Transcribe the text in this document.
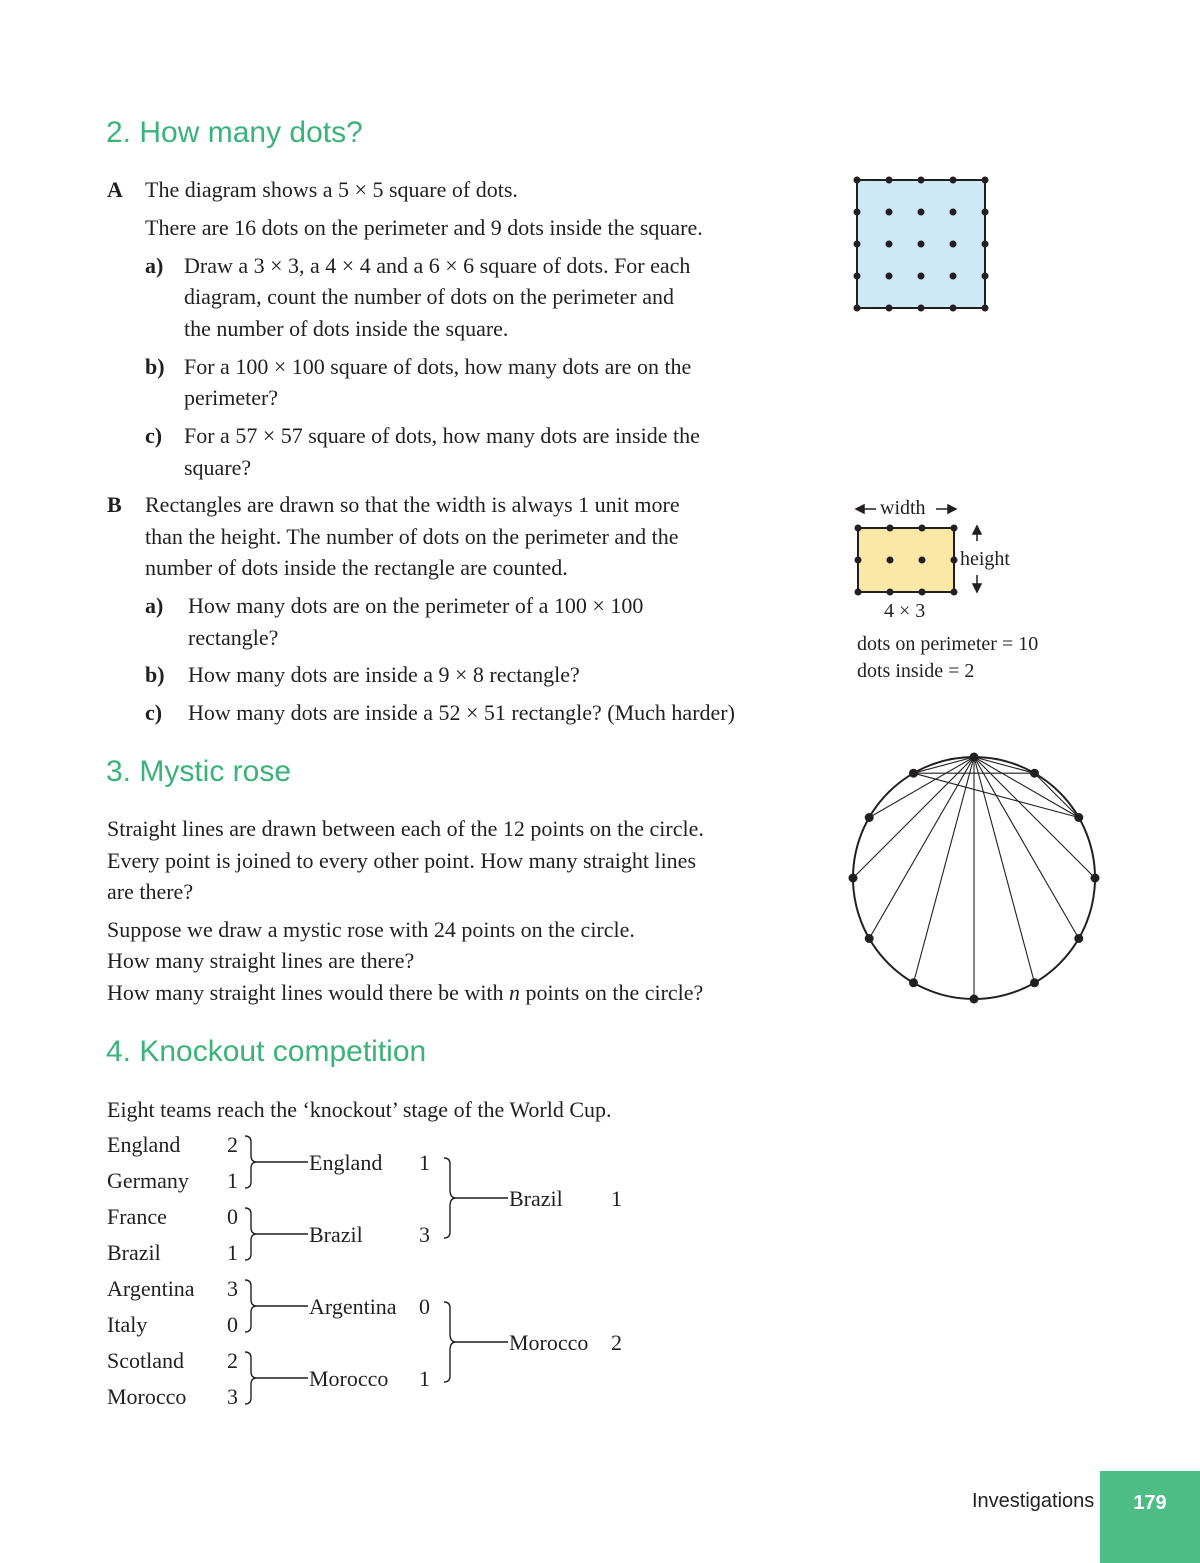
2. How many dots?
A The diagram shows a 5 × 5 square of dots.
There are 16 dots on the perimeter and 9 dots inside the square.
a) Draw a 3 × 3, a 4 × 4 and a 6 × 6 square of dots. For each
diagram, count the number of dots on the perimeter and
the number of dots inside the square.
b) For a 100 × 100 square of dots, how many dots are on the
perimeter?
c) For a 57 × 57 square of dots, how many dots are inside the
square?
B Rectangles are drawn so that the width is always 1 unit more
than the height. The number of dots on the perimeter and the
number of dots inside the rectangle are counted.
a) How many dots are on the perimeter of a 100 × 100
rectangle?
b) How many dots are inside a 9 × 8 rectangle?
c) How many dots are inside a 52 × 51 rectangle? (Much harder)
width
height
4 × 3
dots on perimeter = 10
dots inside = 2
3. Mystic rose
Straight lines are drawn between each of the 12 points on the circle.
Every point is joined to every other point. How many straight lines
are there?
Suppose we draw a mystic rose with 24 points on the circle.
How many straight lines are there?
How many straight lines would there be with n points on the circle?
4. Knockout competition
Eight teams reach the ‘knockout’ stage of the World Cup.
England 2
Germany 1
France	0
Brazil	1
Argentina 3
Italy	0
Scotland 2
Morocco 3
England 1
Brazil	3
Argentina 0
Morocco 1
Brazil 1
Morocco 2
Investigations	179
